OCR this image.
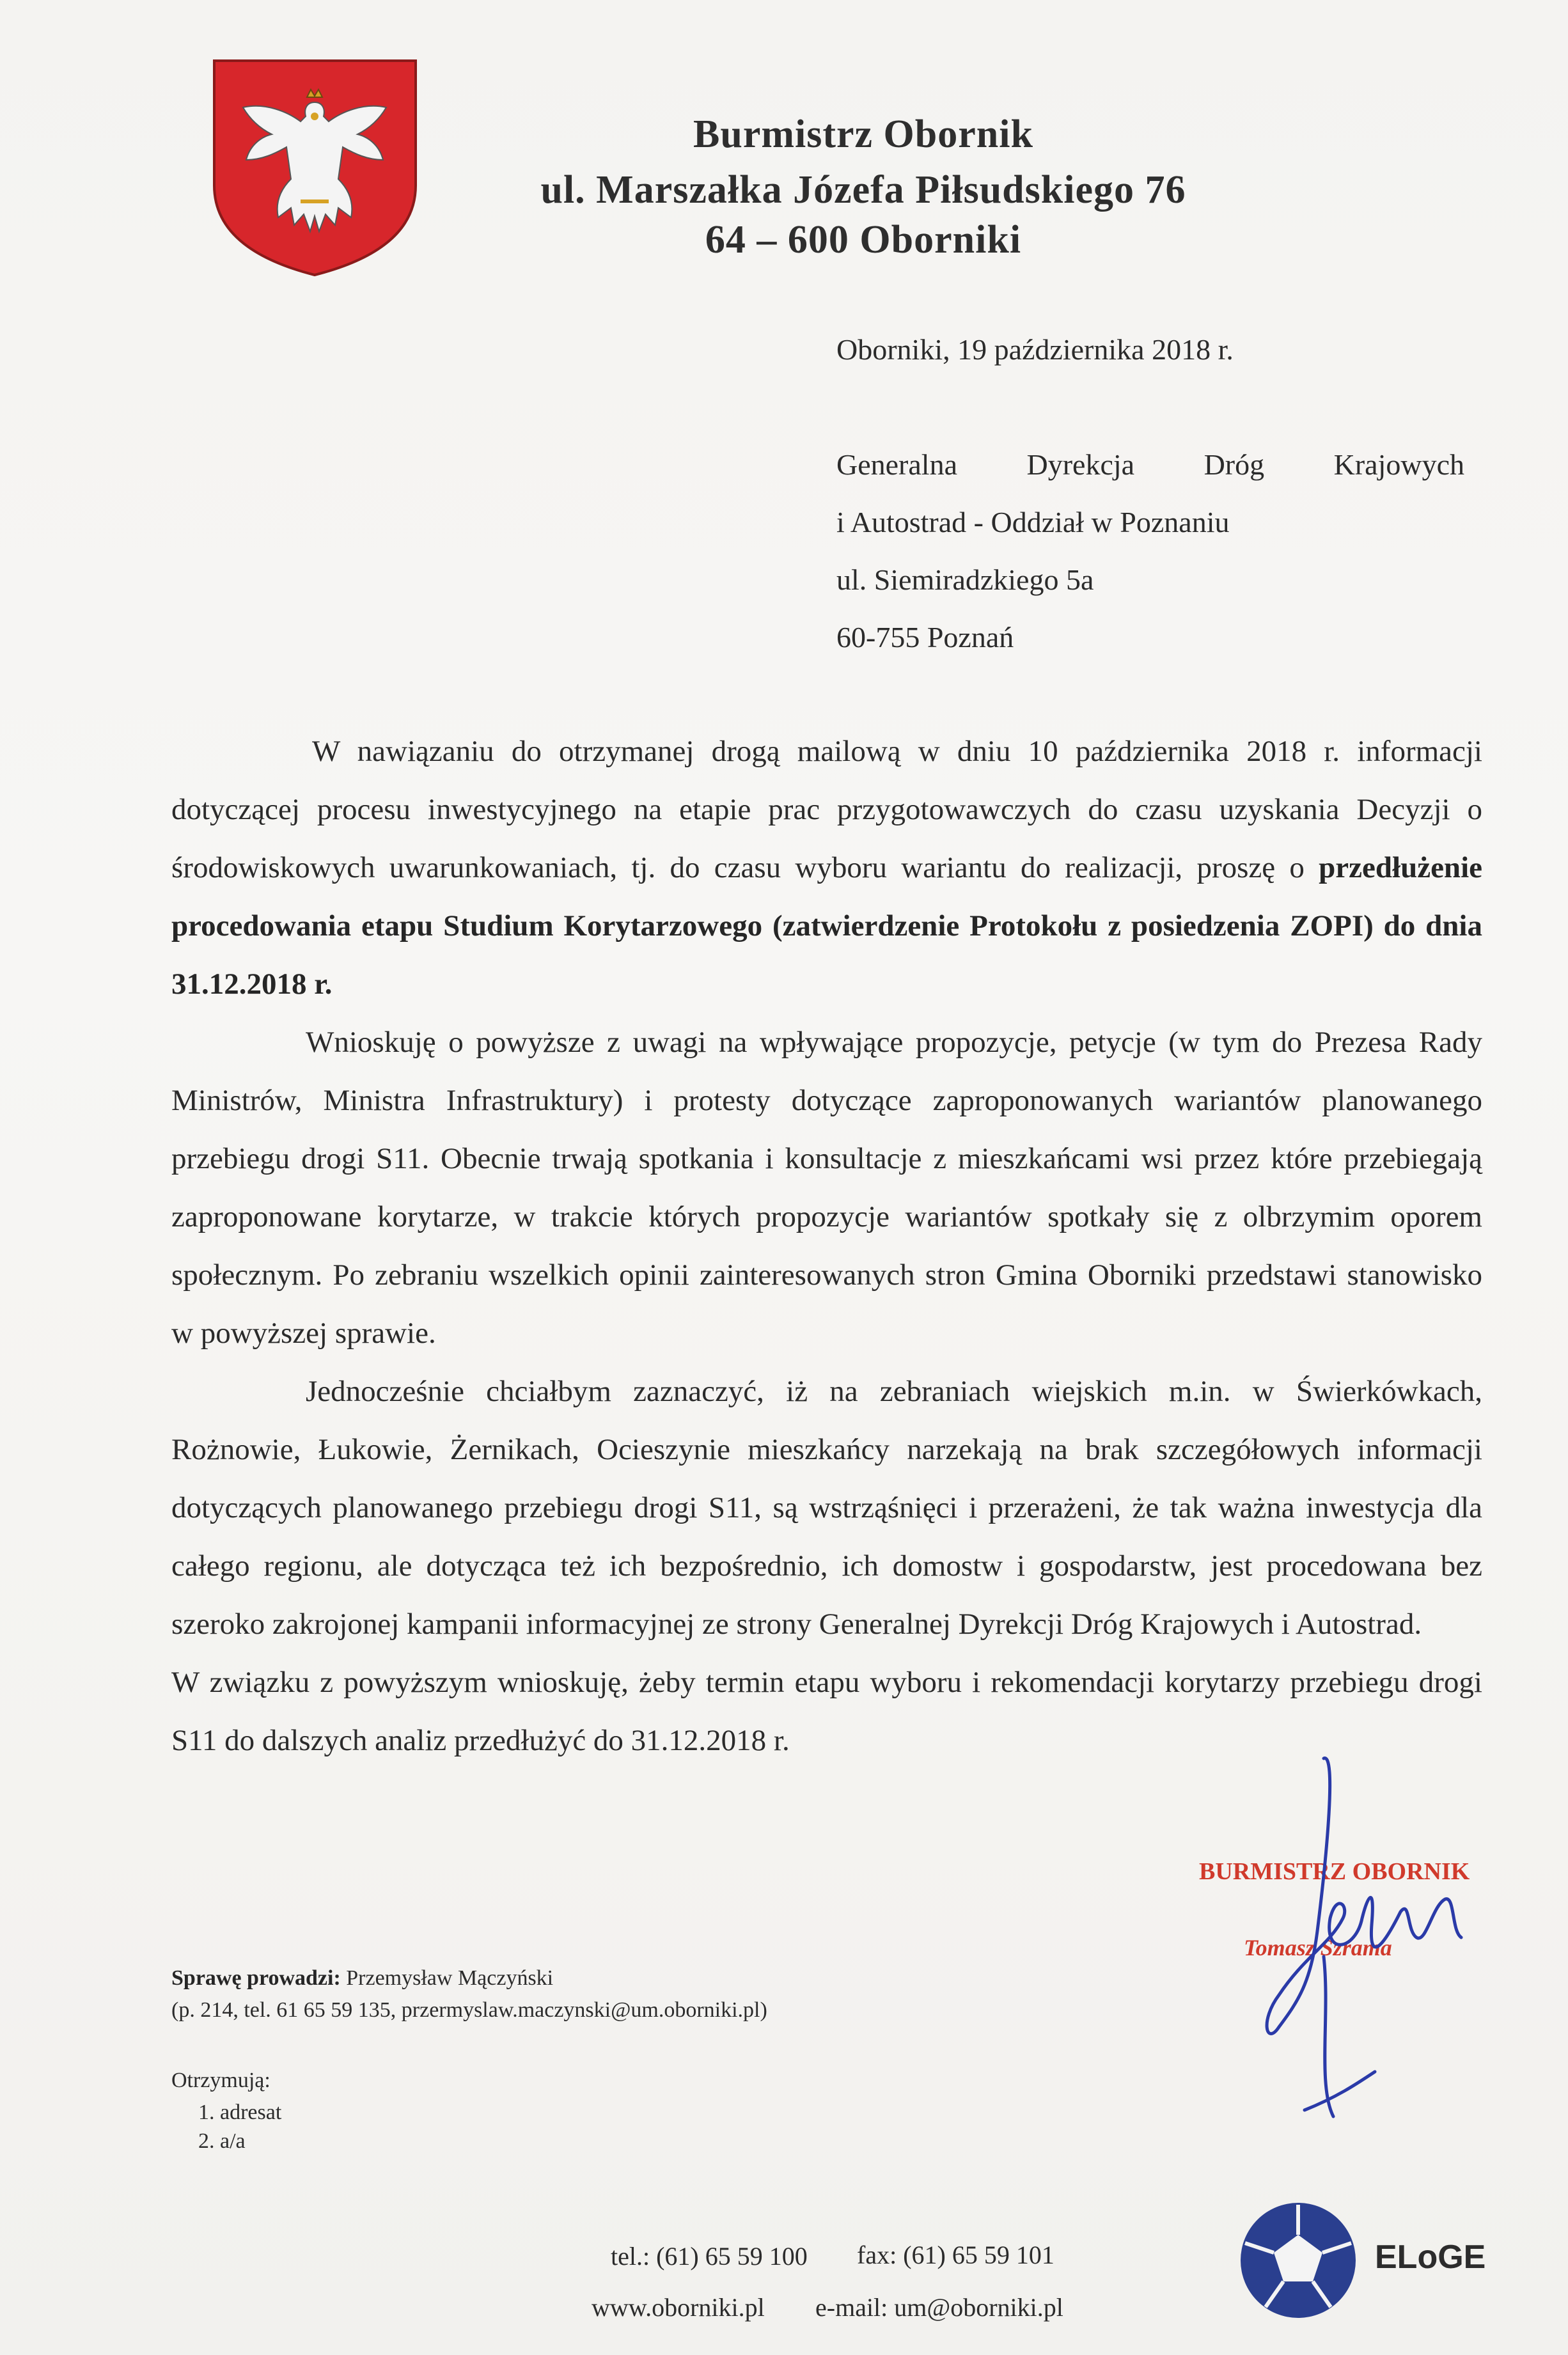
Burmistrz Obornik
ul. Marszałka Józefa Piłsudskiego 76
64 – 600 Oborniki
Oborniki, 19 października 2018 r.
Generalna Dyrekcja Dróg Krajowych
i Autostrad - Oddział w Poznaniu
ul. Siemiradzkiego 5a
60-755 Poznań

W nawiązaniu do otrzymanej drogą mailową w dniu 10 października 2018 r. informacji dotyczącej procesu inwestycyjnego na etapie prac przygotowawczych do czasu uzyskania Decyzji o środowiskowych uwarunkowaniach, tj. do czasu wyboru wariantu do realizacji, proszę o przedłużenie procedowania etapu Studium Korytarzowego (zatwierdzenie Protokołu z posiedzenia ZOPI) do dnia 31.12.2018 r.

Wnioskuję o powyższe z uwagi na wpływające propozycje, petycje (w tym do Prezesa Rady Ministrów, Ministra Infrastruktury) i protesty dotyczące zaproponowanych wariantów planowanego przebiegu drogi S11. Obecnie trwają spotkania i konsultacje z mieszkańcami wsi przez które przebiegają zaproponowane korytarze, w trakcie których propozycje wariantów spotkały się z olbrzymim oporem społecznym. Po zebraniu wszelkich opinii zainteresowanych stron Gmina Oborniki przedstawi stanowisko w powyższej sprawie.

Jednocześnie chciałbym zaznaczyć, iż na zebraniach wiejskich m.in. w Świerkówkach, Rożnowie, Łukowie, Żernikach, Ocieszynie mieszkańcy narzekają na brak szczegółowych informacji dotyczących planowanego przebiegu drogi S11, są wstrząśnięci i przerażeni, że tak ważna inwestycja dla całego regionu, ale dotycząca też ich bezpośrednio, ich domostw i gospodarstw, jest procedowana bez szeroko zakrojonej kampanii informacyjnej ze strony Generalnej Dyrekcji Dróg Krajowych i Autostrad.

W związku z powyższym wnioskuję, żeby termin etapu wyboru i rekomendacji korytarzy przebiegu drogi S11 do dalszych analiz przedłużyć do 31.12.2018 r.

BURMISTRZ OBORNIK
Tomasz Szrama
Sprawę prowadzi: Przemysław Mączyński
(p. 214, tel. 61 65 59 135, przermyslaw.maczynski@um.oborniki.pl)
Otrzymują:
1. adresat
2. a/a
tel.: (61) 65 59 100 fax: (61) 65 59 101
www.oborniki.pl e-mail: um@oborniki.pl
ELoGE
